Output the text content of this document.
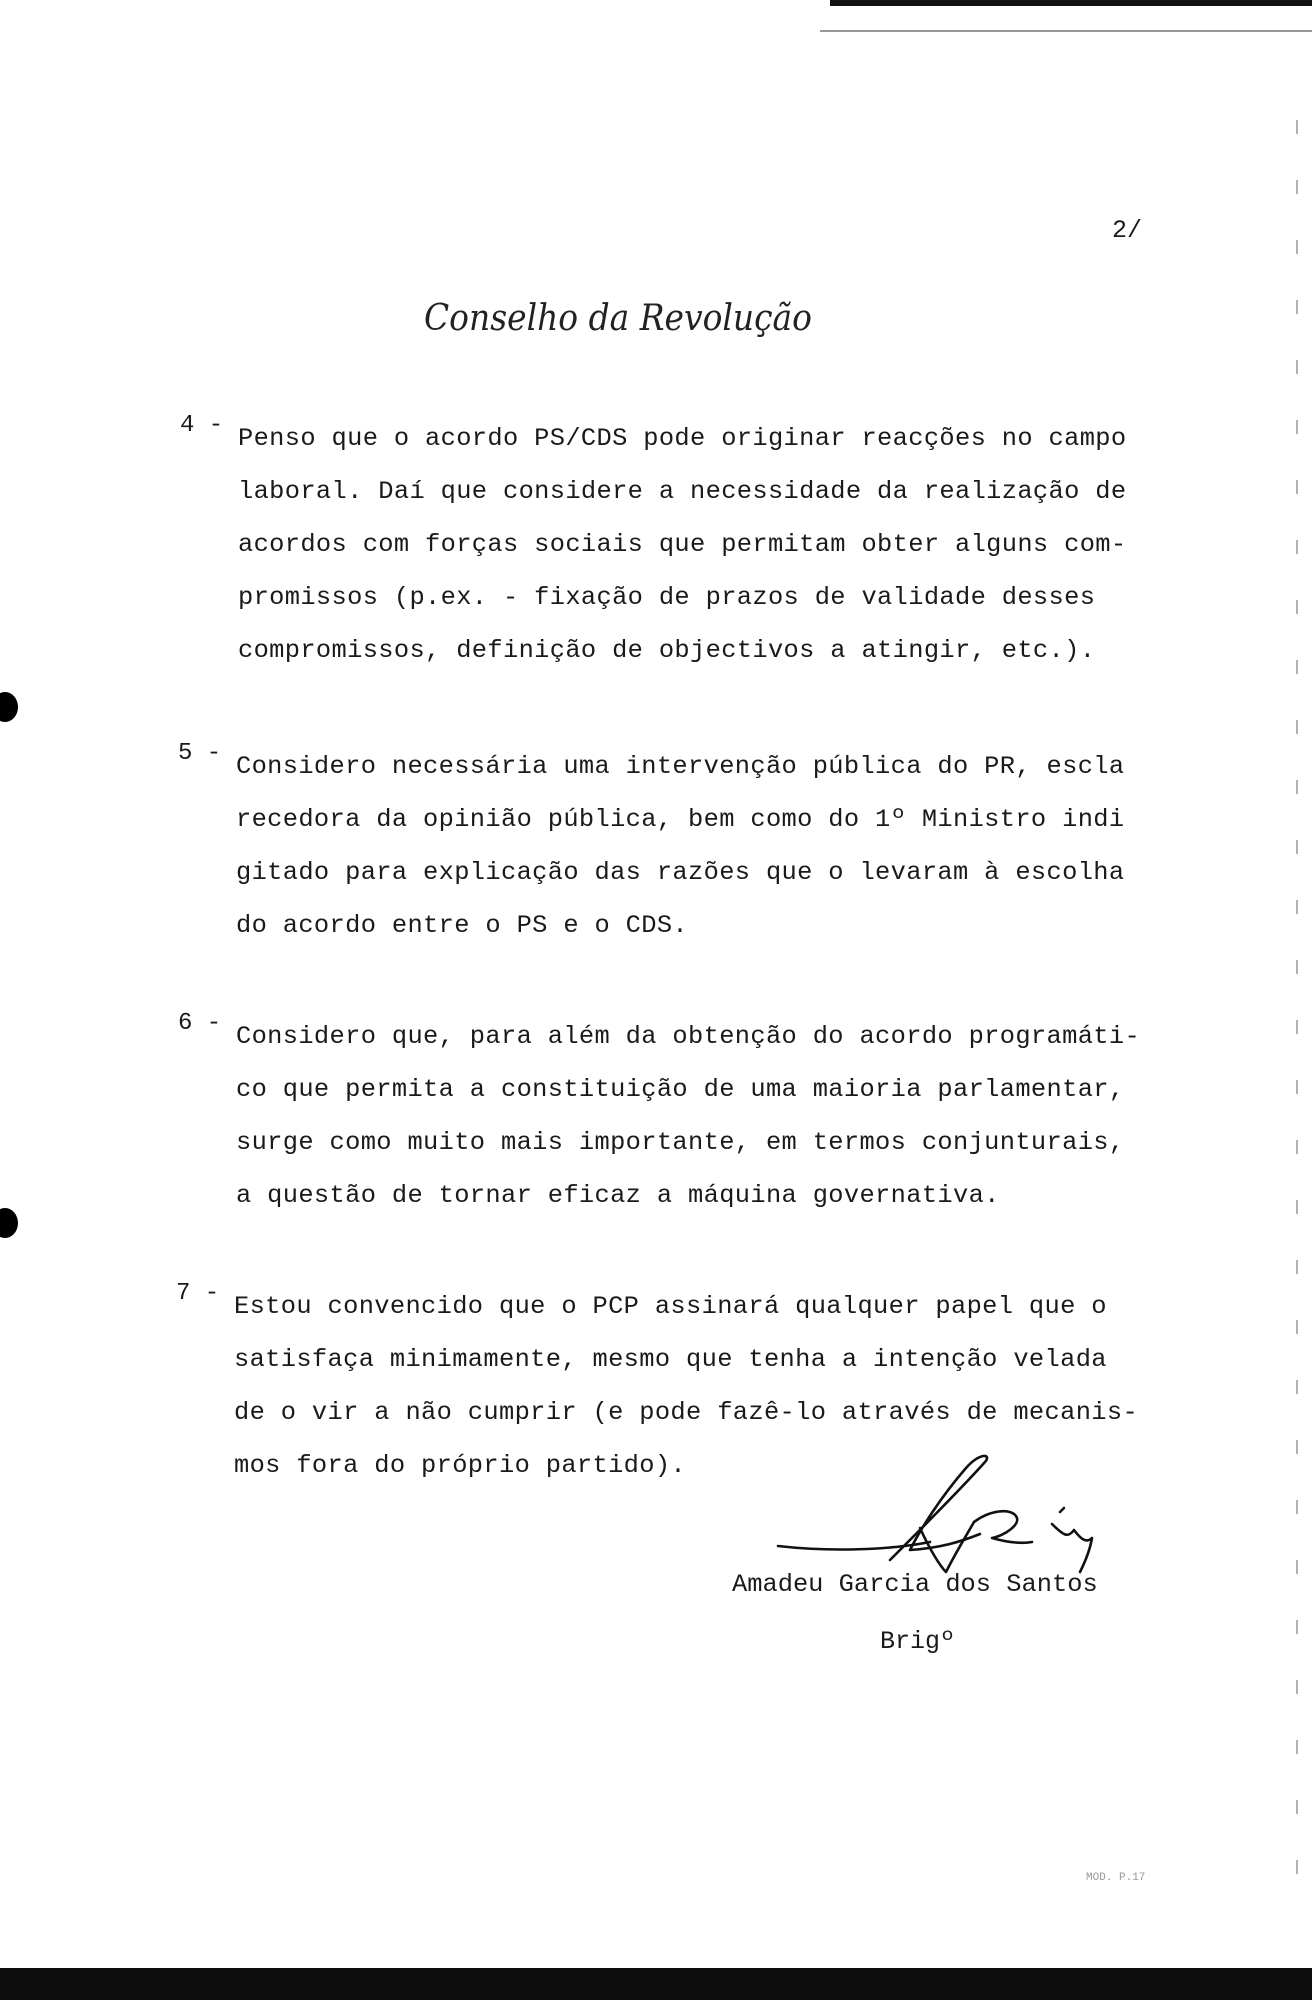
2/
Conselho da Revolução
4 - Penso que o acordo PS/CDS pode originar reacções no campo
laboral. Daí que considere a necessidade da realização de
acordos com forças sociais que permitam obter alguns com-
promissos (p.ex. - fixação de prazos de validade desses
compromissos, definição de objectivos a atingir, etc.).
5 - Considero necessária uma intervenção pública do PR, escla
recedora da opinião pública, bem como do 1º Ministro indi
gitado para explicação das razões que o levaram à escolha
do acordo entre o PS e o CDS.
6 - Considero que, para além da obtenção do acordo programáti-
co que permita a constituição de uma maioria parlamentar,
surge como muito mais importante, em termos conjunturais,
a questão de tornar eficaz a máquina governativa.
7 - Estou convencido que o PCP assinará qualquer papel que o
satisfaça minimamente, mesmo que tenha a intenção velada
de o vir a não cumprir (e pode fazê-lo através de mecanis-
mos fora do próprio partido).
Amadeu Garcia dos Santos
Brigº
MOD. P.17
